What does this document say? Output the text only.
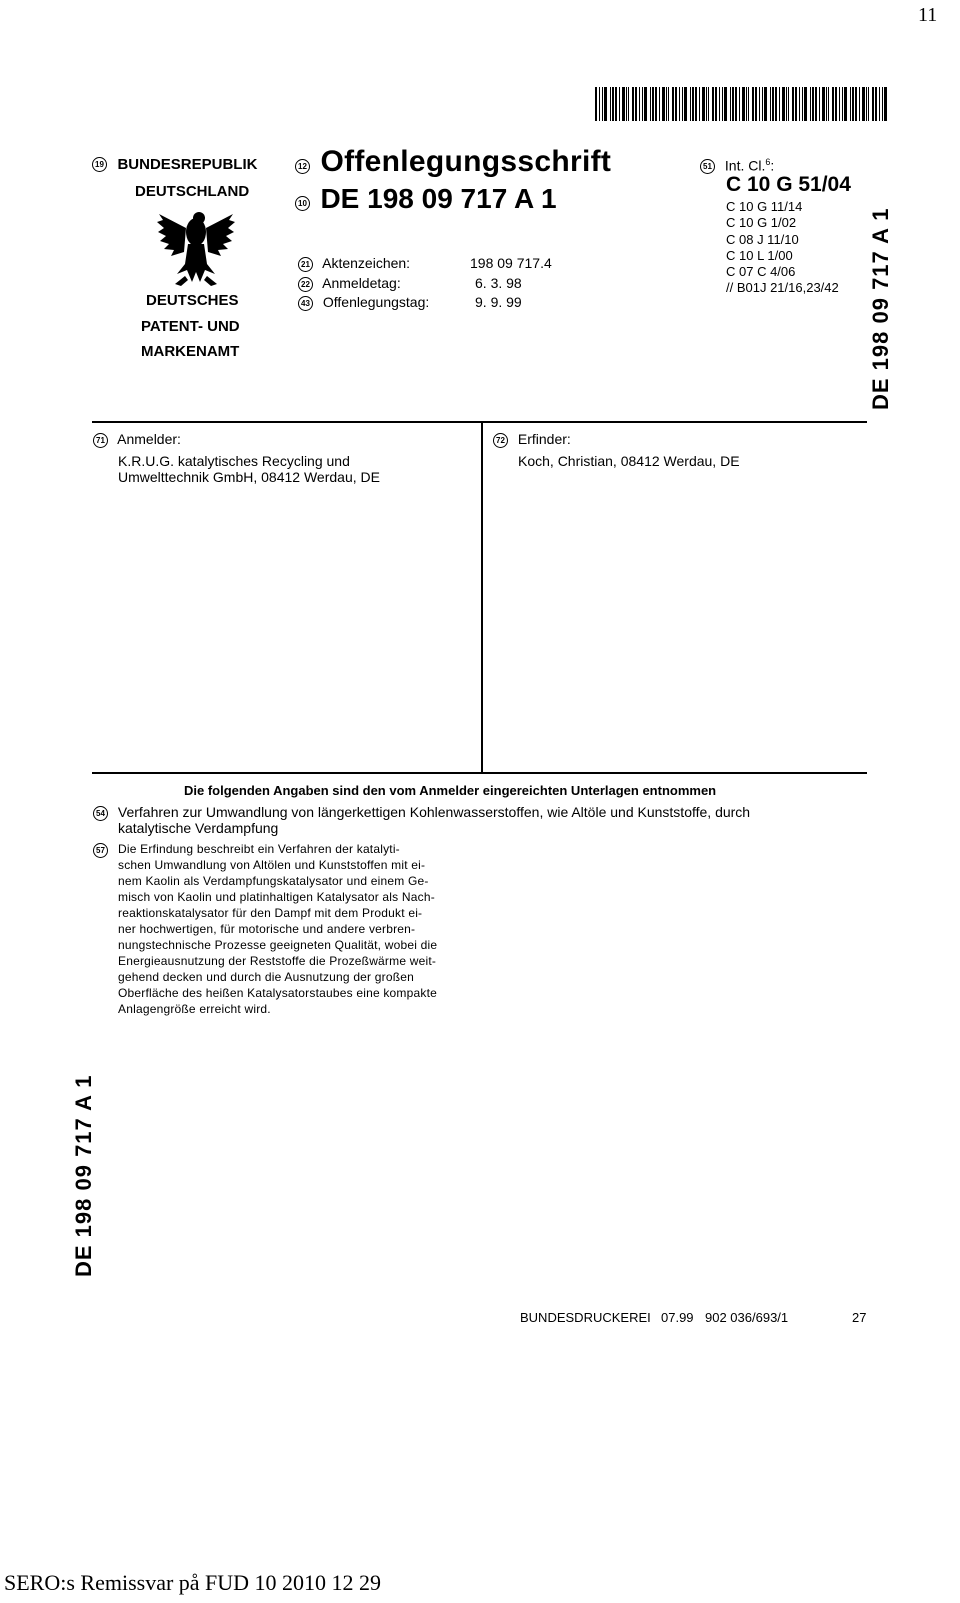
11
19 BUNDESREPUBLIK
DEUTSCHLAND
DEUTSCHES
PATENT- UND
MARKENAMT
12 Offenlegungsschrift
10 DE 198 09 717 A 1
21 Aktenzeichen:	198 09 717.4
22 Anmeldetag:	6. 3. 98
43 Offenlegungstag:	9. 9. 99
51 Int. Cl.$^6$:
C 10 G 51/04
C 10 G 11/14
C 10 G 1/02
C 08 J 11/10
C 10 L 1/00
C 07 C 4/06
// B01J 21/16,23/42 DE 198 09 717 A 1
DE 198 09 717 A 1
71 Anmelder:
K.R.U.G. katalytisches Recycling und
Umwelttechnik GmbH, 08412 Werdau, DE
72 Erfinder:
Koch, Christian, 08412 Werdau, DE
Die folgenden Angaben sind den vom Anmelder eingereichten Unterlagen entnommen
54 Verfahren zur Umwandlung von längerkettigen Kohlenwasserstoffen, wie Altöle und Kunststoffe, durch
katalytische Verdampfung
57	Die Erfindung beschreibt ein Verfahren der katalyti-
schen Umwandlung von Altölen und Kunststoffen mit ei-
nem Kaolin als Verdampfungskatalysator und einem Ge-
misch von Kaolin und platinhaltigen Katalysator als Nach-
reaktionskatalysator für den Dampf mit dem Produkt ei-
ner hochwertigen, für motorische und andere verbren-
nungstechnische Prozesse geeigneten Qualität, wobei die
Energieausnutzung der Reststoffe die Prozeßwärme weit-
gehend decken und durch die Ausnutzung der großen
Oberfläche des heißen Katalysatorstaubes eine kompakte
Anlagengröße erreicht wird.
BUNDESDRUCKEREI 07.99 902 036/693/1	27
SERO:s Remissvar på FUD 10 2010 12 29
